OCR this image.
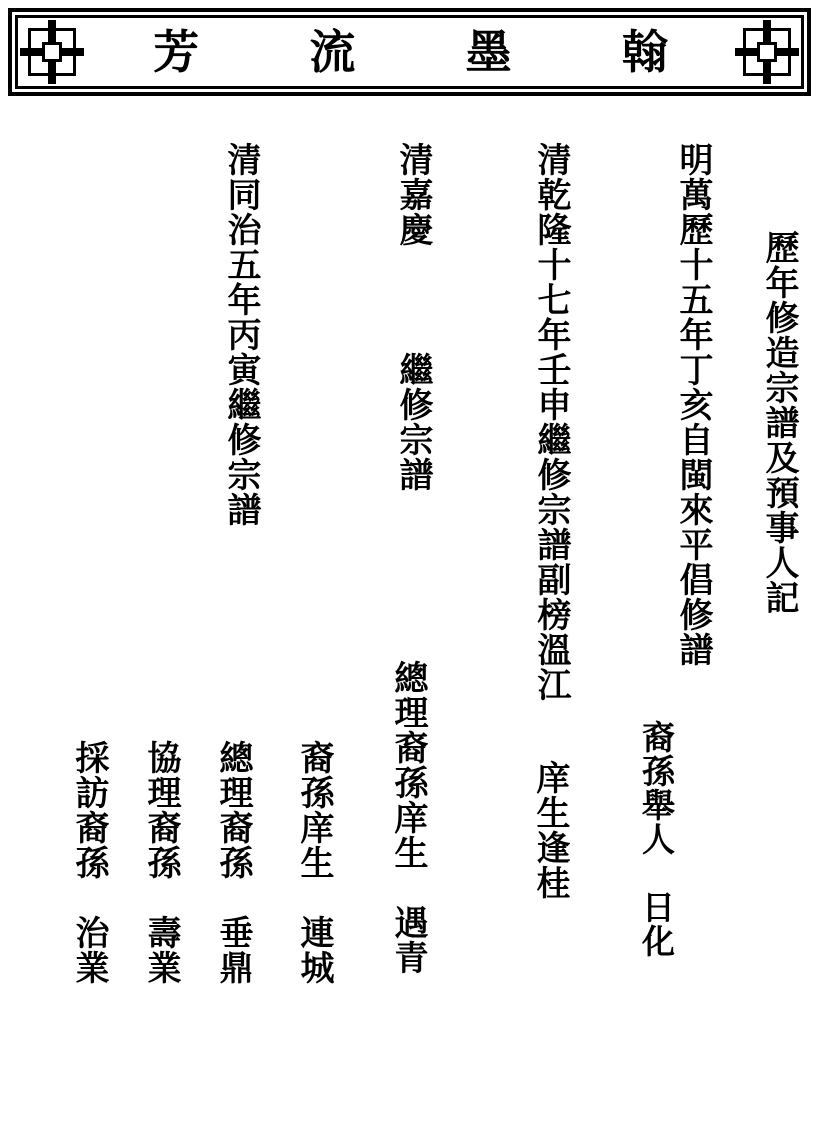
芳 流 墨 翰
歷年修造宗譜及預事人記
明萬歷十五年丁亥自閩來平倡修譜
裔孫舉人　日化
清乾隆十七年壬申繼修宗譜副榜溫江
庠生逢桂
清嘉慶　　　繼修宗譜
總理裔孫庠生　遇青
裔孫庠生　連城
清同治五年丙寅繼修宗譜
總理裔孫　垂鼎
協理裔孫　壽業
採訪裔孫　治業
